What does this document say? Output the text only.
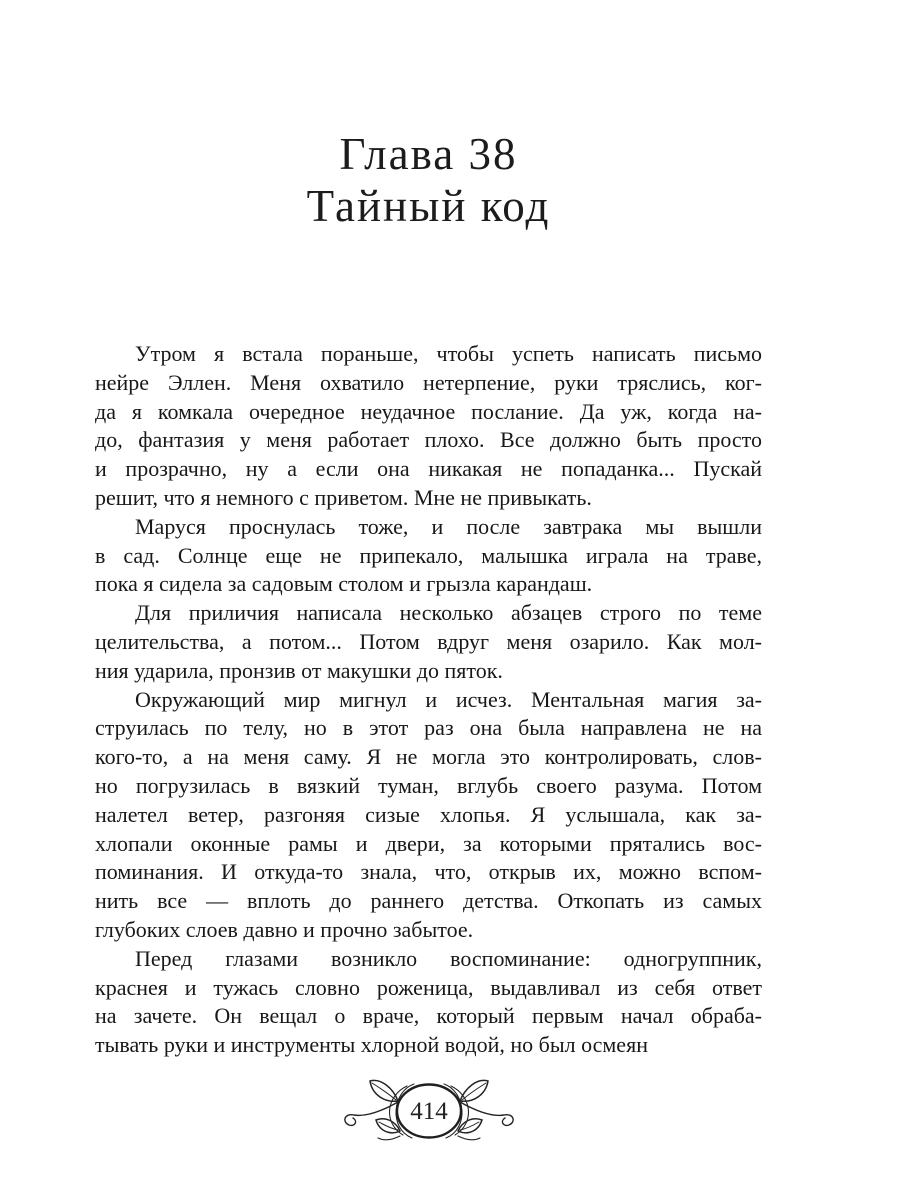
Глава 38
Тайный код
Утром я встала пораньше, чтобы успеть написать письмо
нейре Эллен. Меня охватило нетерпение, руки тряслись, ког-
да я комкала очередное неудачное послание. Да уж, когда на-
до, фантазия у меня работает плохо. Все должно быть просто
и прозрачно, ну а если она никакая не попаданка... Пускай
решит, что я немного с приветом. Мне не привыкать.
Маруся проснулась тоже, и после завтрака мы вышли
в сад. Солнце еще не припекало, малышка играла на траве,
пока я сидела за садовым столом и грызла карандаш.
Для приличия написала несколько абзацев строго по теме
целительства, а потом... Потом вдруг меня озарило. Как мол-
ния ударила, пронзив от макушки до пяток.
Окружающий мир мигнул и исчез. Ментальная магия за-
струилась по телу, но в этот раз она была направлена не на
кого-то, а на меня саму. Я не могла это контролировать, слов-
но погрузилась в вязкий туман, вглубь своего разума. Потом
налетел ветер, разгоняя сизые хлопья. Я услышала, как за-
хлопали оконные рамы и двери, за которыми прятались вос-
поминания. И откуда-то знала, что, открыв их, можно вспом-
нить все — вплоть до раннего детства. Откопать из самых
глубоких слоев давно и прочно забытое.
Перед глазами возникло воспоминание: одногруппник,
краснея и тужась словно роженица, выдавливал из себя ответ
на зачете. Он вещал о враче, который первым начал обраба-
тывать руки и инструменты хлорной водой, но был осмеян
414
